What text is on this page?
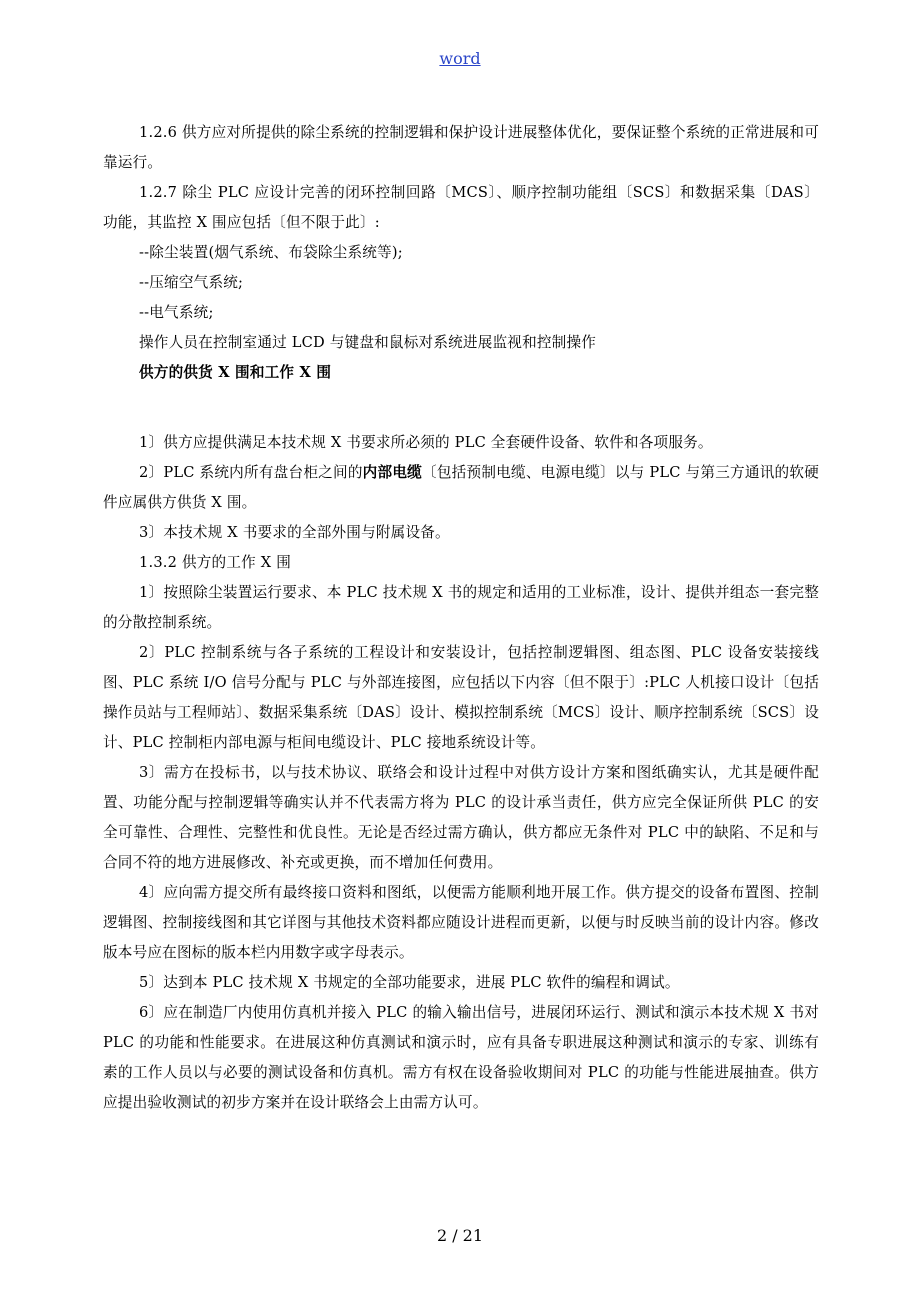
word

1.2.6 供方应对所提供的除尘系统的控制逻辑和保护设计进展整体优化，要保证整个系统的正常进展和可靠运行。

1.2.7 除尘 PLC 应设计完善的闭环控制回路〔MCS〕、顺序控制功能组〔SCS〕和数据采集〔DAS〕功能，其监控 X 围应包括〔但不限于此〕:

--除尘装置(烟气系统、布袋除尘系统等);

--压缩空气系统;

--电气系统;

操作人员在控制室通过 LCD 与键盘和鼠标对系统进展监视和控制操作

供方的供货 X 围和工作 X 围

1〕供方应提供满足本技术规 X 书要求所必须的 PLC 全套硬件设备、软件和各项服务。

2〕PLC 系统内所有盘台柜之间的内部电缆〔包括预制电缆、电源电缆〕以与 PLC 与第三方通讯的软硬件应属供方供货 X 围。

3〕本技术规 X 书要求的全部外围与附属设备。

1.3.2 供方的工作 X 围

1〕按照除尘装置运行要求、本 PLC 技术规 X 书的规定和适用的工业标准，设计、提供并组态一套完整的分散控制系统。

2〕PLC 控制系统与各子系统的工程设计和安装设计，包括控制逻辑图、组态图、PLC 设备安装接线图、PLC 系统 I/O 信号分配与 PLC 与外部连接图，应包括以下内容〔但不限于〕:PLC 人机接口设计〔包括操作员站与工程师站〕、数据采集系统〔DAS〕设计、模拟控制系统〔MCS〕设计、顺序控制系统〔SCS〕设计、PLC 控制柜内部电源与柜间电缆设计、PLC 接地系统设计等。

3〕需方在投标书，以与技术协议、联络会和设计过程中对供方设计方案和图纸确实认，尤其是硬件配置、功能分配与控制逻辑等确实认并不代表需方将为 PLC 的设计承当责任，供方应完全保证所供 PLC 的安全可靠性、合理性、完整性和优良性。无论是否经过需方确认，供方都应无条件对 PLC 中的缺陷、不足和与合同不符的地方进展修改、补充或更换，而不增加任何费用。

4〕应向需方提交所有最终接口资料和图纸，以便需方能顺利地开展工作。供方提交的设备布置图、控制逻辑图、控制接线图和其它详图与其他技术资料都应随设计进程而更新，以便与时反映当前的设计内容。修改版本号应在图标的版本栏内用数字或字母表示。

5〕达到本 PLC 技术规 X 书规定的全部功能要求，进展 PLC 软件的编程和调试。

6〕应在制造厂内使用仿真机并接入 PLC 的输入输出信号，进展闭环运行、测试和演示本技术规 X 书对 PLC 的功能和性能要求。在进展这种仿真测试和演示时，应有具备专职进展这种测试和演示的专家、训练有素的工作人员以与必要的测试设备和仿真机。需方有权在设备验收期间对 PLC 的功能与性能进展抽查。供方应提出验收测试的初步方案并在设计联络会上由需方认可。

2 / 21
